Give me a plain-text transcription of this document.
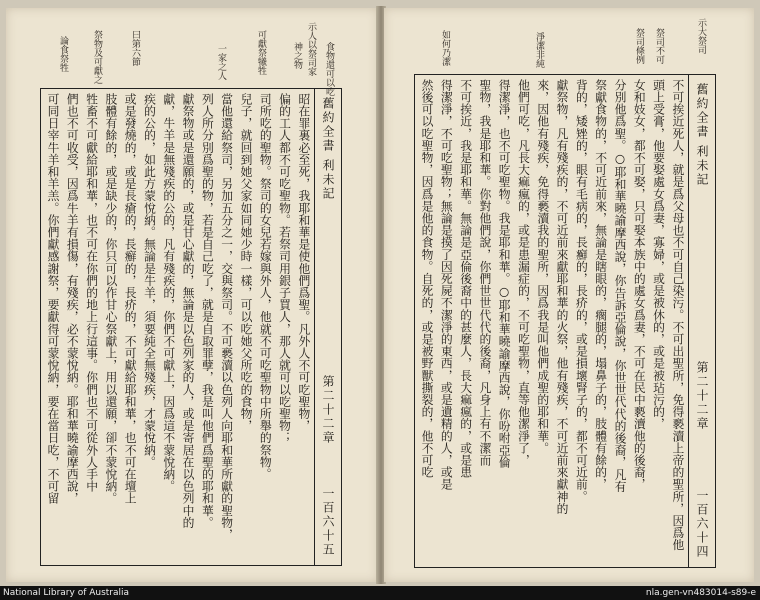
食物還可以吃
示人以祭司家
神之物
可獻祭犧牲
一家之人
曰第六節
祭物及可獻之
論食祭牲
舊約全書 利未記
第二十二章
一百六十五
昭在罪裏必至死，我耶和華是使他們爲聖。凡外人不可吃聖物，
偏的工人都不可吃聖物。若祭司用銀子買人，那人就可以吃聖物；
司所吃的聖物。祭司的女兒若嫁與外人，他就不可吃聖物中所舉的祭物。
兒子，就回到她父家如同她少時一樣，可以吃她父所吃的食物，
當他還給祭司，另加五分之一，交與祭司。不可褻瀆以色列人向耶和華所獻的聖物，
列人所分別爲聖的物，若是自己吃了，就是自取罪孽，我是叫他們爲聖的耶和華。
獻祭物或是還願的，或是甘心獻的，無論是以色列家的人，或是寄居在以色列中的
獻，牛羊是無殘疾的公的，凡有殘疾的，你們不可獻上，因爲這不蒙悅納。
疾的公的，如此方蒙悅納。無論是牛羊，須要純全無殘疾，才蒙悅納。
或是發燒的，或是長瘡的，長癬的，長疥的，不可獻給耶和華，也不可在壇上
肢體有餘的，或是缺少的，你只可以作甘心祭獻上，用以還願，卻不蒙悅納。
牲畜不可獻給耶和華，也不可在你們的地上行這事。你們也不可從外人手中
們也不可收受，因爲牛羊有損傷，有殘疾，必不蒙悅納。耶和華曉諭摩西說，
可同日宰牛羊和羊羔。你們獻感謝祭，要獻得可蒙悅納，要在當日吃，不可留
示大祭司
祭司不可
祭司條例
淨潔非純
如何乃潔
舊約全書 利未記
第二十二章
一百六十四
不可挨近死人，就是爲父母也不可自己染污。不可出聖所，免得褻瀆上帝的聖所，因爲他
頭上受膏，他要娶處女爲妻，寡婦，或是被休的，或是被玷污的，
女和妓女，都不可娶，只可娶本族中的處女爲妻，不可在民中褻瀆他的後裔，
分別他爲聖。○耶和華曉諭摩西說，你告訴亞倫說，你世世代代的後裔，凡有
祭獻食物的，不可近前來，無論是瞎眼的，瘸腿的，塌鼻子的，肢體有餘的，
背的，矮矬的，眼有毛病的，長癬的，長疥的，或是損壞腎子的，都不可近前。
獻祭物，凡有殘疾的，不可近前來獻耶和華的火祭，他有殘疾，不可近前來獻神的
來，因他有殘疾，免得褻瀆我的聖所，因爲我是叫他們成聖的耶和華。
他們可吃，凡長大痲瘋的，或是患漏症的，不可吃聖物，直等他潔淨了，
得潔淨，也不可吃聖物。我是耶和華。○耶和華曉諭摩西說，你吩咐亞倫
聖物，我是耶和華。你對他們說，你們世世代代的後裔，凡身上有不潔而
不可挨近，我是耶和華。無論是亞倫後裔中的甚麼人，長大痲瘋的，或是患
得潔淨，不可吃聖物；無論是摸了因死屍不潔淨的東西，或是遺精的人，或是
然後可以吃聖物，因爲是他的食物。自死的，或是被野獸撕裂的，他不可吃
National Library of Australia	nla.gen-vn483014-s89-e
